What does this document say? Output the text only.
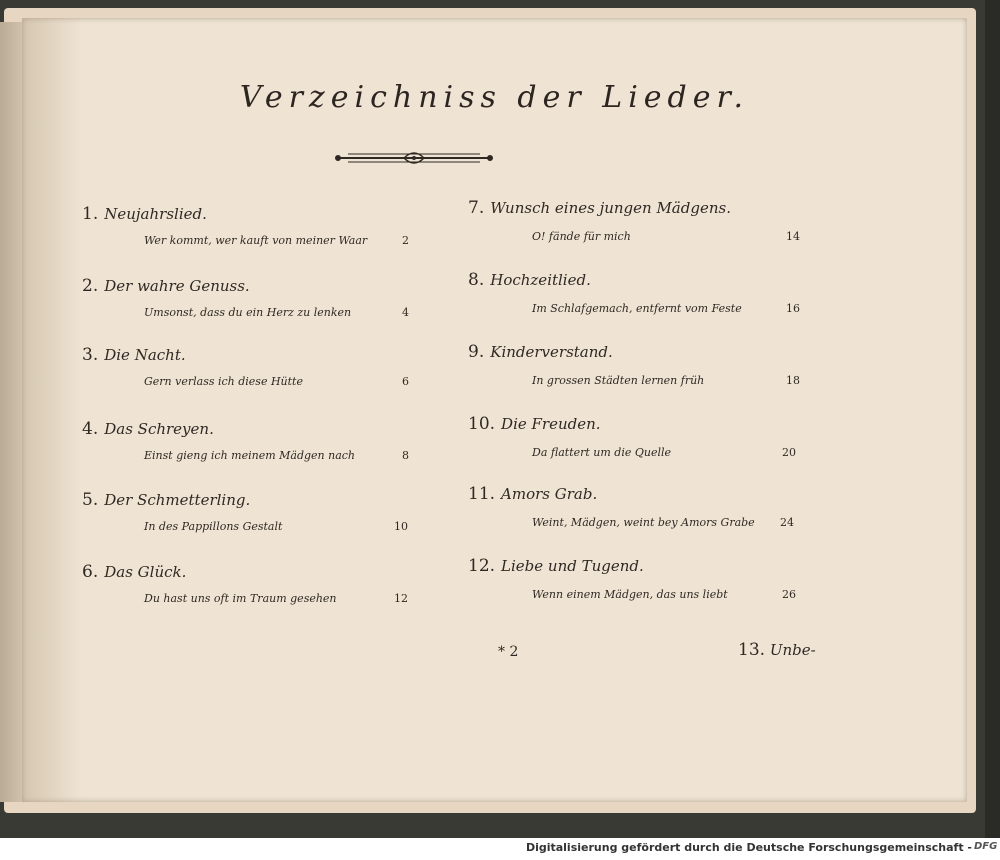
Verzeichniss der Lieder.
1. Neujahrslied.
Wer kommt, wer kauft von meiner Waar	2
2. Der wahre Genuss.
Umsonst, dass du ein Herz zu lenken	4
3. Die Nacht.
Gern verlass ich diese Hütte	6
4. Das Schreyen.
Einst gieng ich meinem Mädgen nach	8
5. Der Schmetterling.
In des Pappillons Gestalt	10
6. Das Glück.
Du hast uns oft im Traum gesehen	12
7. Wunsch eines jungen Mädgens.
O! fände für mich	14
8. Hochzeitlied.
Im Schlafgemach, entfernt vom Feste	16
9. Kinderverstand.
In grossen Städten lernen früh	18
10. Die Freuden.
Da flattert um die Quelle	20
11. Amors Grab.
Weint, Mädgen, weint bey Amors Grabe 24
12. Liebe und Tugend.
Wenn einem Mädgen, das uns liebt	26
* 2	13. Unbe-
Digitalisierung gefördert durch die Deutsche Forschungsgemeinschaft - DFG
